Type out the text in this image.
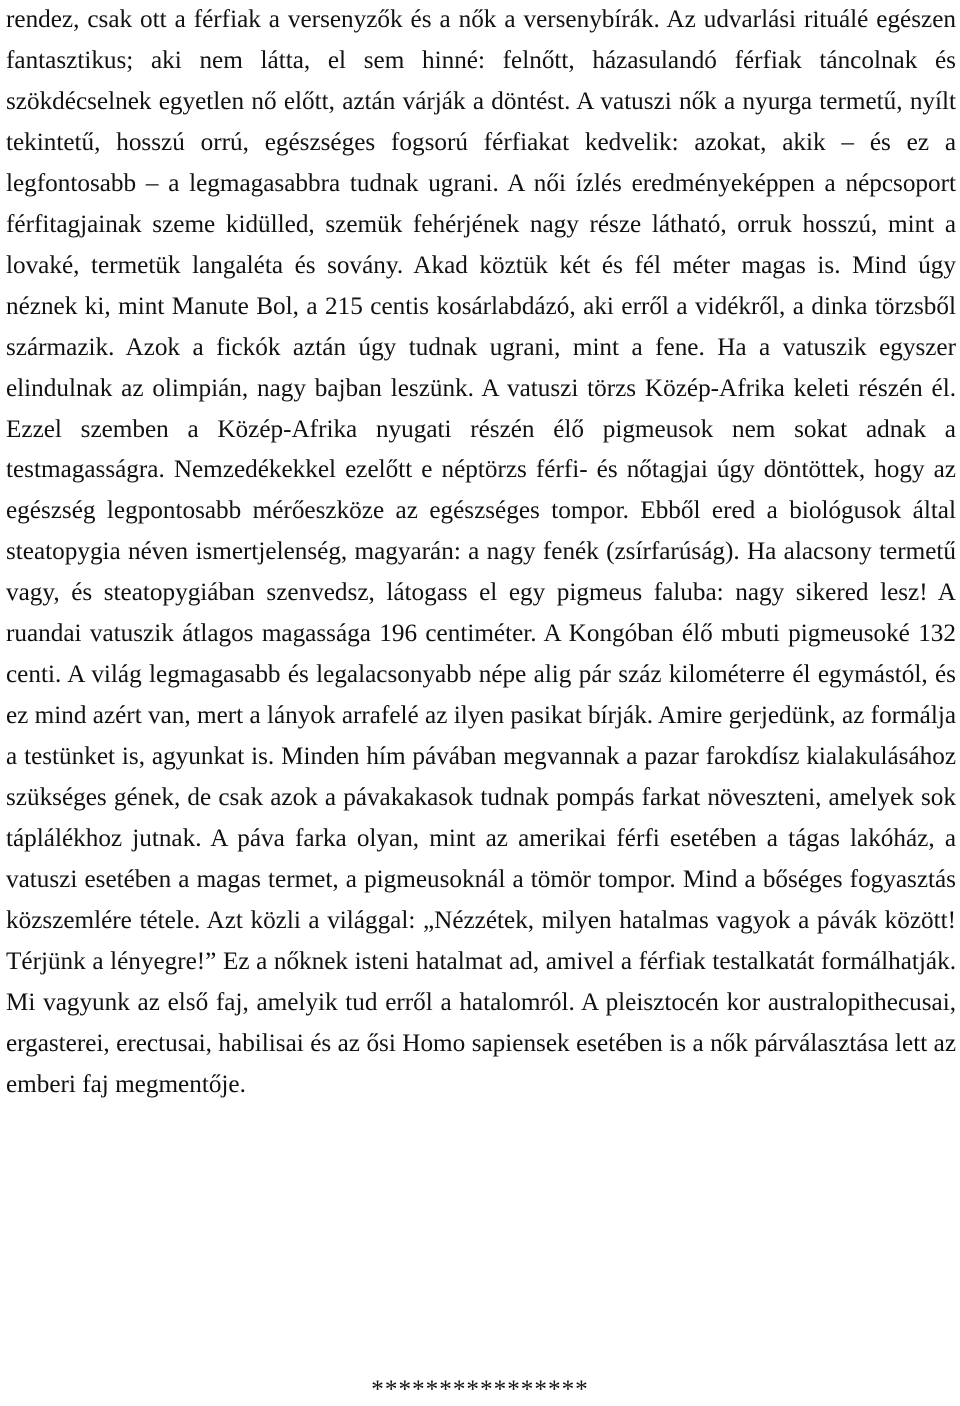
rendez, csak ott a férfiak a versenyzők és a nők a versenybírák. Az udvarlási rituálé egészen fantasztikus; aki nem látta, el sem hinné: felnőtt, házasulandó férfiak táncolnak és szökdécselnek egyetlen nő előtt, aztán várják a döntést. A vatuszi nők a nyurga termetű, nyílt tekintetű, hosszú orrú, egészséges fogsorú férfiakat kedvelik: azokat, akik – és ez a legfontosabb – a legmagasabbra tudnak ugrani. A női ízlés eredményeképpen a népcsoport férfitagjainak szeme kidülled, szemük fehérjének nagy része látható, orruk hosszú, mint a lovaké, termetük langaléta és sovány. Akad köztük két és fél méter magas is. Mind úgy néznek ki, mint Manute Bol, a 215 centis kosárlabdázó, aki erről a vidékről, a dinka törzsből származik. Azok a fickók aztán úgy tudnak ugrani, mint a fene. Ha a vatuszik egyszer elindulnak az olimpián, nagy bajban leszünk. A vatuszi törzs Közép-Afrika keleti részén él. Ezzel szemben a Közép-Afrika nyugati részén élő pigmeusok nem sokat adnak a testmagasságra. Nemzedékekkel ezelőtt e néptörzs férfi- és nőtagjai úgy döntöttek, hogy az egészség legpontosabb mérőeszköze az egészséges tompor. Ebből ered a biológusok által steatopygia néven ismertjelenség, magyarán: a nagy fenék (zsírfarúság). Ha alacsony termetű vagy, és steatopygiában szenvedsz, látogass el egy pigmeus faluba: nagy sikered lesz! A ruandai vatuszik átlagos magassága 196 centiméter. A Kongóban élő mbuti pigmeusoké 132 centi. A világ legmagasabb és legalacsonyabb népe alig pár száz kilométerre él egymástól, és ez mind azért van, mert a lányok arrafelé az ilyen pasikat bírják. Amire gerjedünk, az formálja a testünket is, agyunkat is. Minden hím pávában megvannak a pazar farokdísz kialakulásához szükséges gének, de csak azok a pávakakasok tudnak pompás farkat növeszteni, amelyek sok táplálékhoz jutnak. A páva farka olyan, mint az amerikai férfi esetében a tágas lakóház, a vatuszi esetében a magas termet, a pigmeusoknál a tömör tompor. Mind a bőséges fogyasztás közszemlére tétele. Azt közli a világgal: „Nézzétek, milyen hatalmas vagyok a pávák között! Térjünk a lényegre!” Ez a nőknek isteni hatalmat ad, amivel a férfiak testalkatát formálhatják. Mi vagyunk az első faj, amelyik tud erről a hatalomról. A pleisztocén kor australopithecusai, ergasterei, erectusai, habilisai és az ősi Homo sapiensek esetében is a nők párválasztása lett az emberi faj megmentője.

****************
